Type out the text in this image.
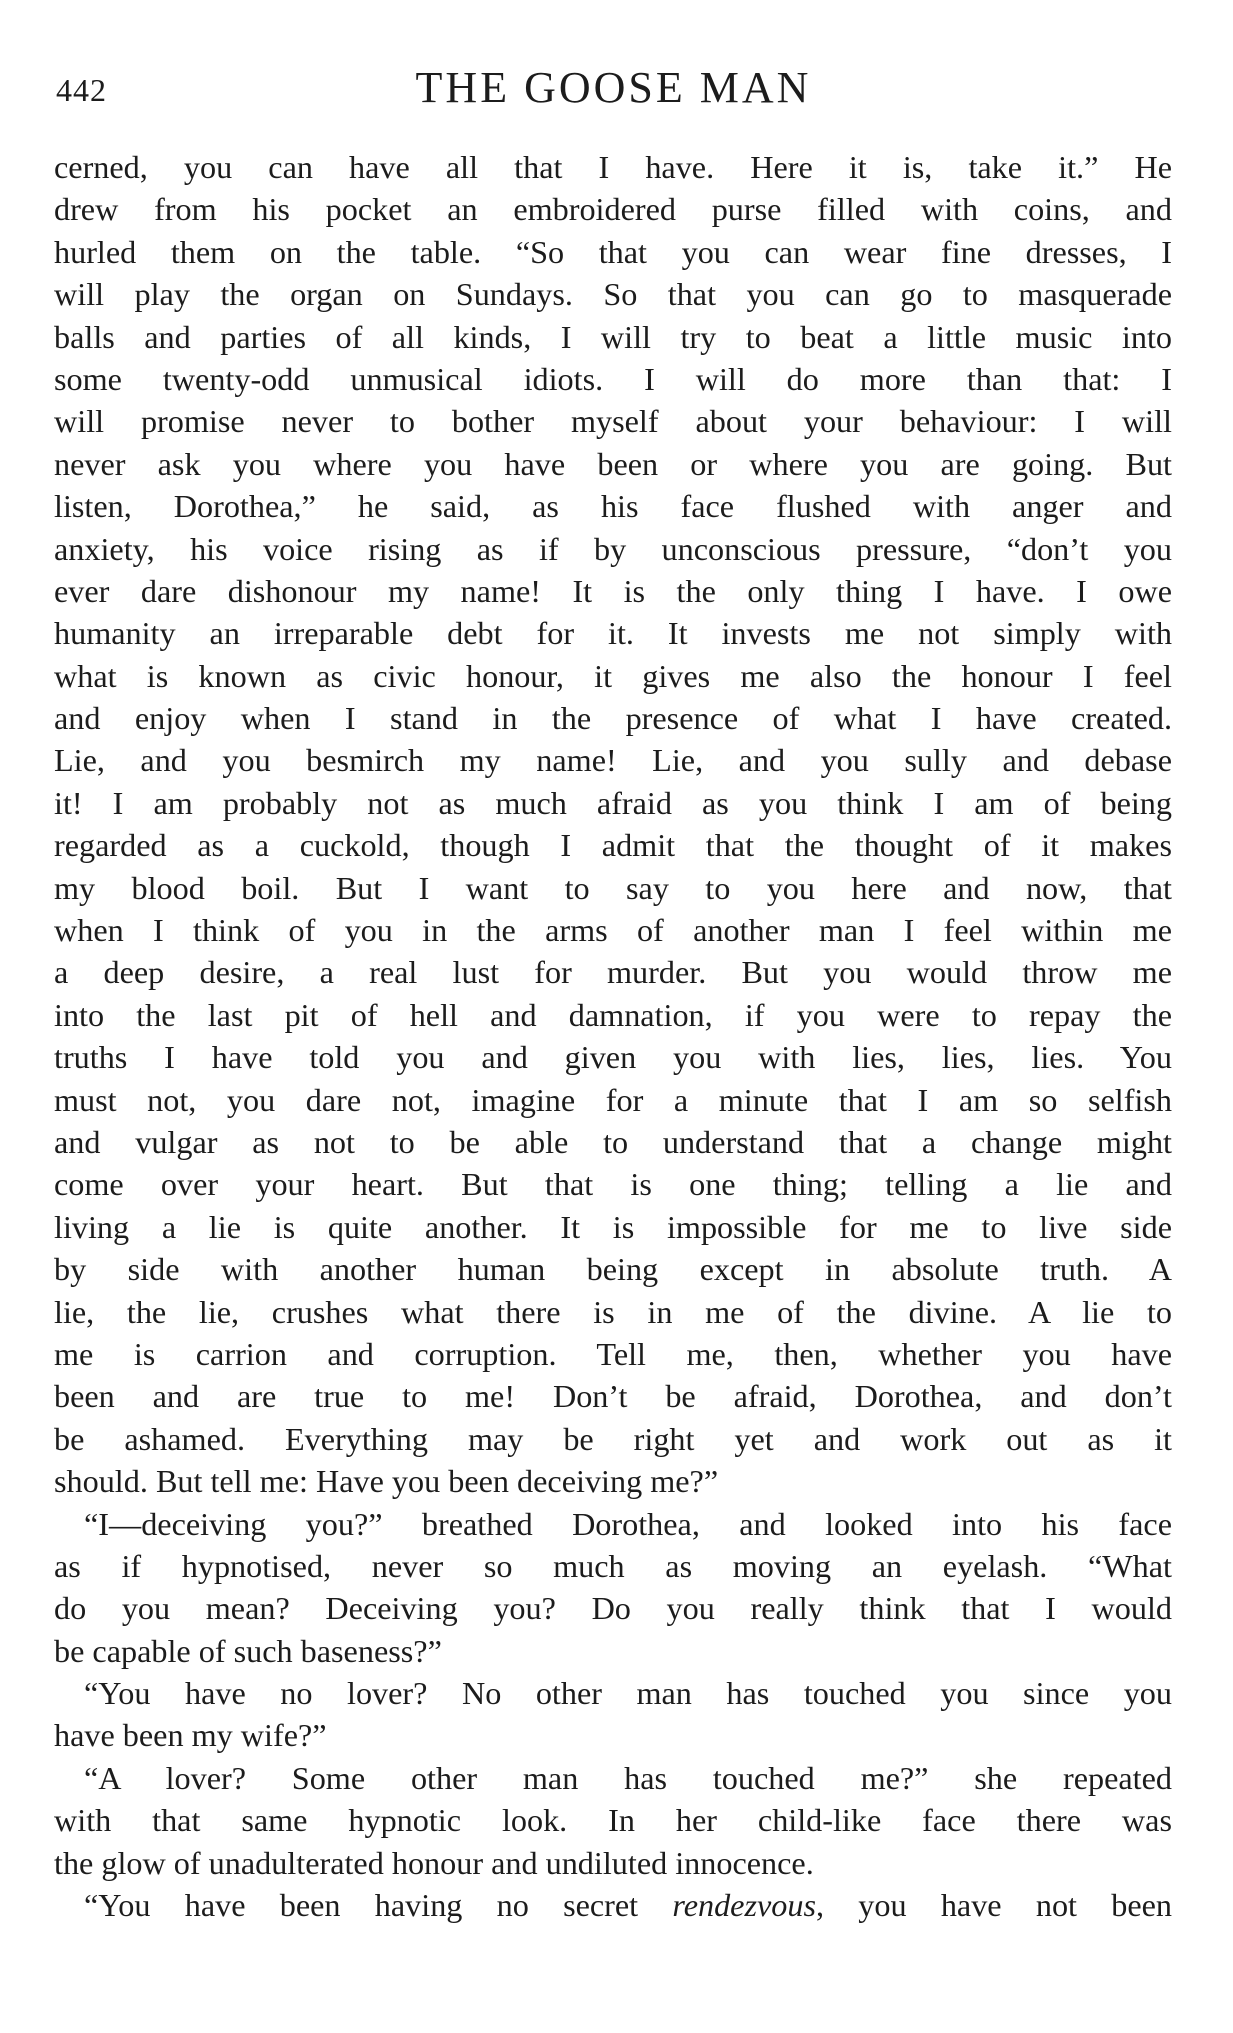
442	THE GOOSE MAN
cerned, you can have all that I have. Here it is, take it.” He
drew from his pocket an embroidered purse filled with coins, and
hurled them on the table. “So that you can wear fine dresses, I
will play the organ on Sundays. So that you can go to masquerade
balls and parties of all kinds, I will try to beat a little music into
some twenty-odd unmusical idiots. I will do more than that: I
will promise never to bother myself about your behaviour: I will
never ask you where you have been or where you are going. But
listen, Dorothea,” he said, as his face flushed with anger and
anxiety, his voice rising as if by unconscious pressure, “don’t you
ever dare dishonour my name! It is the only thing I have. I owe
humanity an irreparable debt for it. It invests me not simply with
what is known as civic honour, it gives me also the honour I feel
and enjoy when I stand in the presence of what I have created.
Lie, and you besmirch my name! Lie, and you sully and debase
it! I am probably not as much afraid as you think I am of being
regarded as a cuckold, though I admit that the thought of it makes
my blood boil. But I want to say to you here and now, that
when I think of you in the arms of another man I feel within me
a deep desire, a real lust for murder. But you would throw me
into the last pit of hell and damnation, if you were to repay the
truths I have told you and given you with lies, lies, lies. You
must not, you dare not, imagine for a minute that I am so selfish
and vulgar as not to be able to understand that a change might
come over your heart. But that is one thing; telling a lie and
living a lie is quite another. It is impossible for me to live side
by side with another human being except in absolute truth. A
lie, the lie, crushes what there is in me of the divine. A lie to
me is carrion and corruption. Tell me, then, whether you have
been and are true to me! Don’t be afraid, Dorothea, and don’t
be ashamed. Everything may be right yet and work out as it
should. But tell me: Have you been deceiving me?”
“I—deceiving you?” breathed Dorothea, and looked into his face
as if hypnotised, never so much as moving an eyelash. “What
do you mean? Deceiving you? Do you really think that I would
be capable of such baseness?”
“You have no lover? No other man has touched you since you
have been my wife?”
“A lover? Some other man has touched me?” she repeated
with that same hypnotic look. In her child-like face there was
the glow of unadulterated honour and undiluted innocence.
“You have been having no secret rendezvous, you have not been
